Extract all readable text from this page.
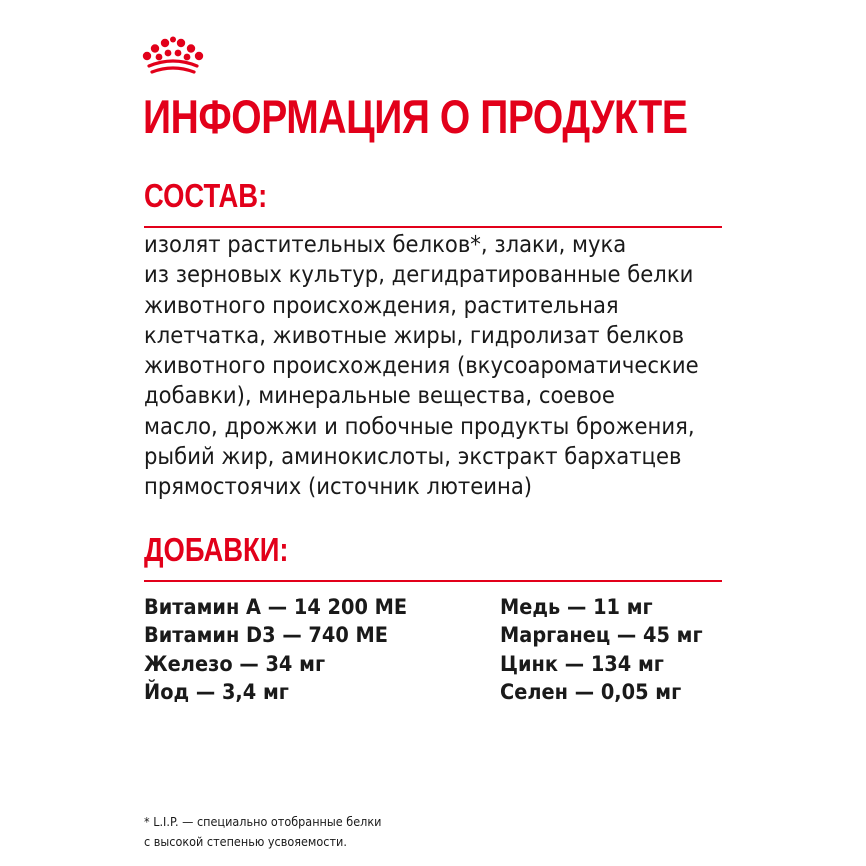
ИНФОРМАЦИЯ О ПРОДУКТЕ
СОСТАВ:

изолят растительных белков*, злаки, мука
из зерновых культур, дегидратированные белки
животного происхождения, растительная
клетчатка, животные жиры, гидролизат белков
животного происхождения (вкусоароматические
добавки), минеральные вещества, соевое
масло, дрожжи и побочные продукты брожения,
рыбий жир, аминокислоты, экстракт бархатцев
прямостоячих (источник лютеина)

ДОБАВКИ:
Витамин А — 14 200 МЕ
Витамин D3 — 740 МЕ
Железо — 34 мг
Йод — 3,4 мг
Медь — 11 мг
Марганец — 45 мг
Цинк — 134 мг
Селен — 0,05 мг

* L.I.P. — специально отобранные белки
с высокой степенью усвояемости.
